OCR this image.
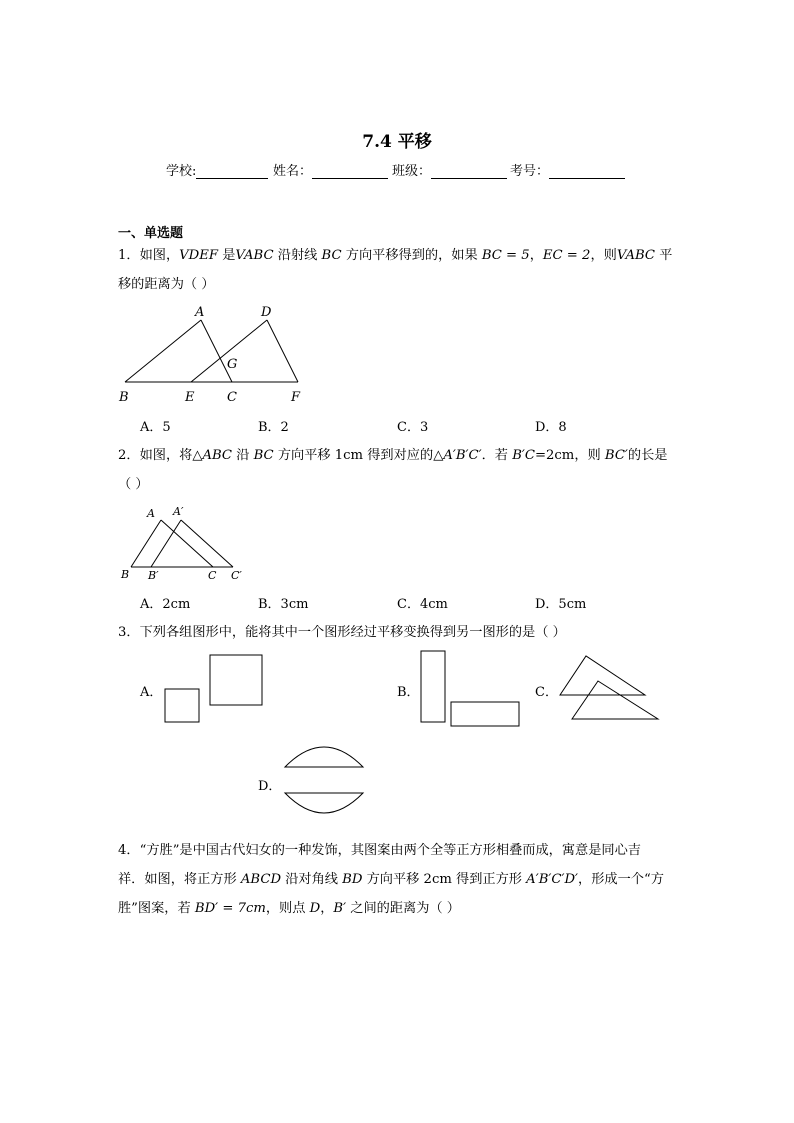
7.4 平移
学校:	姓名：	班级：	考号：
一、单选题
1．如图，VDEF 是VABC 沿射线 BC 方向平移得到的，如果 BC = 5，EC = 2，则VABC 平
移的距离为（ ）
A	D
G
B	E	C	F
A．5	B．2	C．3	D．8
2．如图，将△ABC 沿 BC 方向平移 1cm 得到对应的△A′B′C′．若 B′C=2cm，则 BC′的长是
（ ）
A A′
B B′	C C′
A．2cm	B．3cm	C．4cm	D．5cm
3．下列各组图形中，能将其中一个图形经过平移变换得到另一图形的是（ ）
A．	B．	C．
D．
4．“方胜”是中国古代妇女的一种发饰，其图案由两个全等正方形相叠而成，寓意是同心吉
祥．如图，将正方形 ABCD 沿对角线 BD 方向平移 2cm 得到正方形 A′B′C′D′，形成一个“方
胜”图案，若 BD′ = 7cm，则点 D，B′ 之间的距离为（ ）
